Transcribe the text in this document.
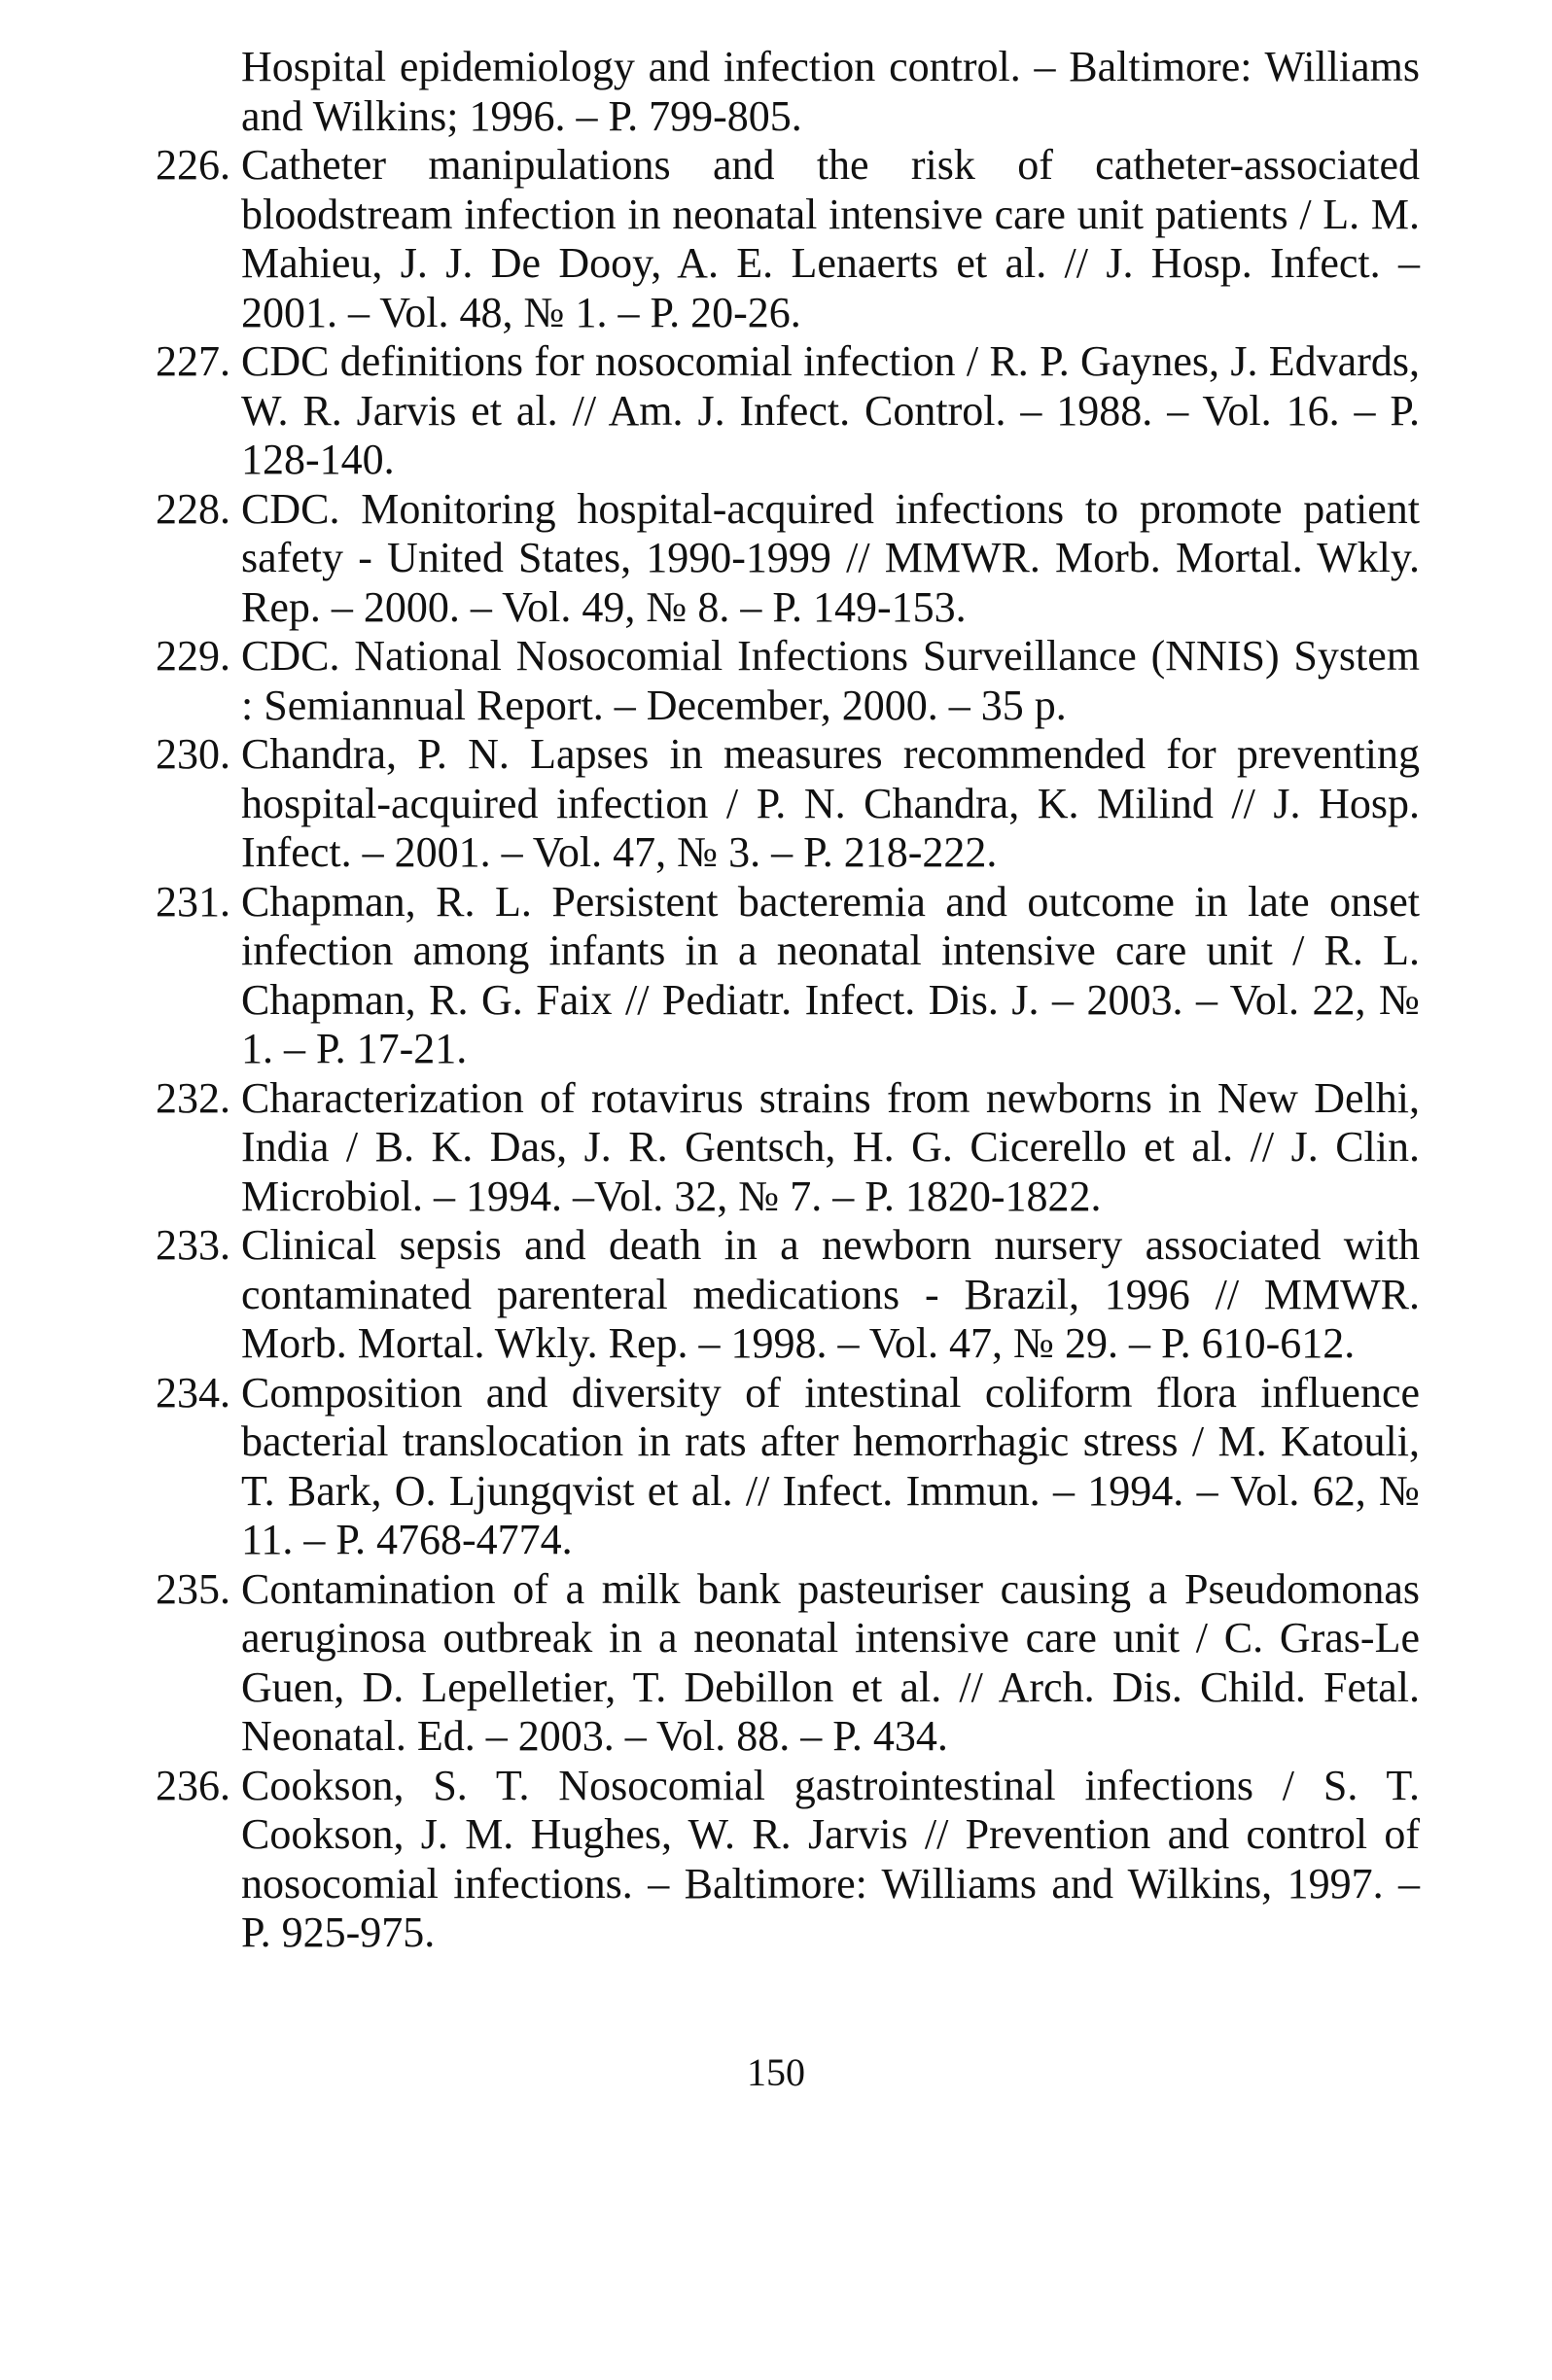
Hospital epidemiology and infection control. – Baltimore: Williams and Wilkins; 1996. – P. 799-805.
226. Catheter manipulations and the risk of catheter-associated bloodstream infection in neonatal intensive care unit patients / L. M. Mahieu, J. J. De Dooy, A. E. Lenaerts et al. // J. Hosp. Infect. – 2001. – Vol. 48, № 1. – P. 20-26.
227. CDC definitions for nosocomial infection / R. P. Gaynes, J. Edvards, W. R. Jarvis et al. // Am. J. Infect. Control. – 1988. – Vol. 16. – P. 128-140.
228. CDC. Monitoring hospital-acquired infections to promote patient safety - United States, 1990-1999 // MMWR. Morb. Mortal. Wkly. Rep. – 2000. – Vol. 49, № 8. – P. 149-153.
229. CDC. National Nosocomial Infections Surveillance (NNIS) System : Semiannual Report. – December, 2000. – 35 p.
230. Chandra, P. N. Lapses in measures recommended for preventing hospital-acquired infection / P. N. Chandra, K. Milind // J. Hosp. Infect. – 2001. – Vol. 47, № 3. – P. 218-222.
231. Chapman, R. L. Persistent bacteremia and outcome in late onset infection among infants in a neonatal intensive care unit / R. L. Chapman, R. G. Faix // Pediatr. Infect. Dis. J. – 2003. – Vol. 22, № 1. – P. 17-21.
232. Characterization of rotavirus strains from newborns in New Delhi, India / B. K. Das, J. R. Gentsch, H. G. Cicerello et al. // J. Clin. Microbiol. – 1994. –Vol. 32, № 7. – P. 1820-1822.
233. Clinical sepsis and death in a newborn nursery associated with contaminated parenteral medications - Brazil, 1996 // MMWR. Morb. Mortal. Wkly. Rep. – 1998. – Vol. 47, № 29. – P. 610-612.
234. Composition and diversity of intestinal coliform flora influence bacterial translocation in rats after hemorrhagic stress / M. Katouli, T. Bark, O. Ljungqvist et al. // Infect. Immun. – 1994. – Vol. 62, № 11. – P. 4768-4774.
235. Contamination of a milk bank pasteuriser causing a Pseudomonas aeruginosa outbreak in a neonatal intensive care unit / C. Gras-Le Guen, D. Lepelletier, T. Debillon et al. // Arch. Dis. Child. Fetal. Neonatal. Ed. – 2003. – Vol. 88. – P. 434.
236. Cookson, S. T. Nosocomial gastrointestinal infections / S. T. Cookson, J. M. Hughes, W. R. Jarvis // Prevention and control of nosocomial infections. – Baltimore: Williams and Wilkins, 1997. – P. 925-975.
150
